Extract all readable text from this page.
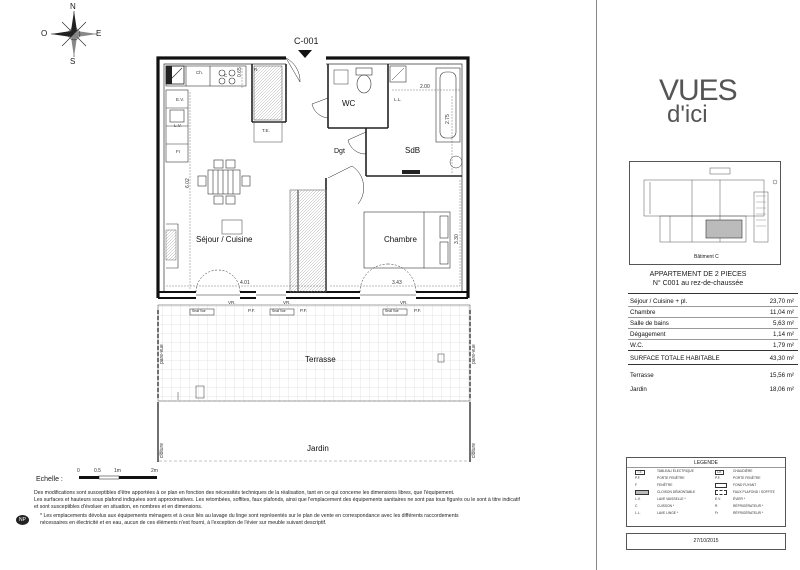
N
S
E
O
C-001
Séjour / Cuisine	Chambre
WC
SdB
Dgt
Terrasse
Jardin
Ch.
C
R.
T.E.
E.V.
L.V.
Fr
L.L.
0.65
2.00
2.75
6.02
3.30
4.01	3.43
VR.	VR.	VR.
P.F.	P.F.	P.F.
Seuil Vue	Seuil Vue	Seuil Vue
pare-vue	pare-vue
clôture	clôture
Echelle :
0	0.5	1m	2m
Des modifications sont susceptibles d'être apportées à ce plan en fonction des nécessités techniques de la réalisation, tant en ce qui concerne les dimensions libres, que l'équipement.
Les surfaces et hauteurs sous plafond indiquées sont approximatives. Les retombées, soffites, faux plafonds, ainsi que l'emplacement des équipements sanitaires ne sont pas tous figurés ou le sont à titre indicatif
et sont susceptibles d'évoluer en situation, en nombres et en dimensions.
* Les emplacements dévolus aux équipements ménagers et à ceux liés au lavage du linge sont représentés sur le plan de vente en correspondance avec les différents raccordements
nécessaires en électricité et en eau, aucun de ces éléments n'est fourni, à l'exception de l'évier sur meuble suivant descriptif.
NP
VUES
d'ici
Bâtiment C
APPARTEMENT DE 2 PIECES
N° C001 au rez-de-chaussée
Séjour / Cuisine + pl.	23,70 m²
Chambre	11,04 m²
Salle de bains	5,63 m²
Dégagement	1,14 m²
W.C.	1,79 m²
SURFACE TOTALE HABITABLE	43,30 m²
Terrasse	15,56 m²
Jardin	18,06 m²
LEGENDE
T.E.	TABLEAU ÉLECTRIQUE
P.F.	PORTE FENÊTRE
F	FENÊTRE
CLOISON DÉMONTABLE
L.V.	LAVE VAISSELLE *
C	CUISSON *
L.L.	LAVE LINGE *
Ch.	CHAUDIÈRE
P.F.	PORTE FENÊTRE
FOND FUYANT
FAUX PLAFOND / SOFFITE
E.V.	ÉVIER *
R	RÉFRIGÉRATEUR *
Fr	RÉFRIGÉRATEUR *
27/10/2015
